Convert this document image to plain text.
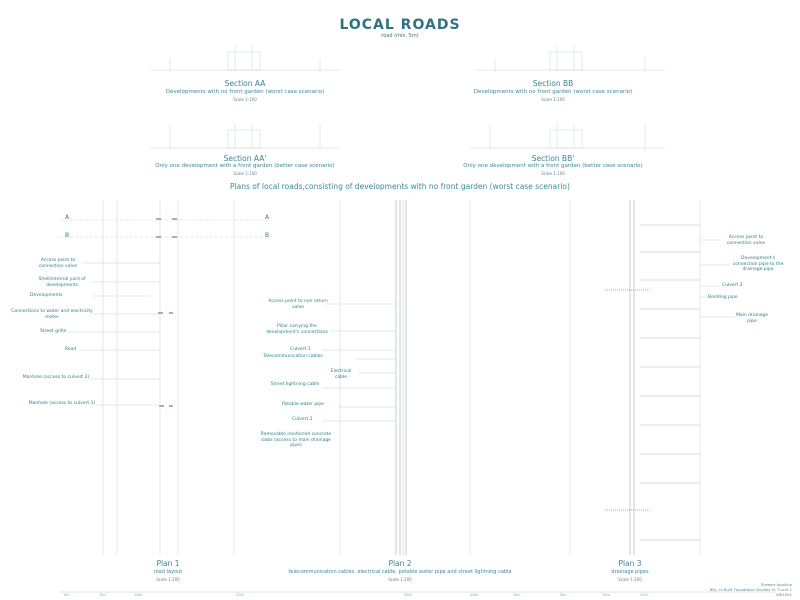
LOCAL ROADS
road (min. 5m)
Section AA
Developments with no front garden (worst case scenario)
Scale 1:100
Section BB
Developments with no front garden (worst case scenario)
Scale 1:100
Section AA'
Only one development with a front garden (better case scenario)
Scale 1:100
Section BB'
Only one development with a front garden (better case scenario)
Scale 1:100
Plans of local roads,consisting of developments with no front garden (worst case scenario)
A
B
A
B
Access point to connection valve
Shell/internal yard of developments
Developments
Connections to water and electricity meter
Street grille
Road
Manhole (access to culvert 2)
Manhole (access to culvert 1)
Access point to non return valve
Pillar carrying the development's connections
Culvert 1
Telecommunication cables
Electrical cable
Street lightning cable
Potable water pipe
Culvert 2
Removable reinforced concrete slabs (access to main drainage pipe)
Access point to connection valve
Development's connection pipe to the drainage pipe
Culvert 2
Bedding pipe
Main drainage pipe
Plan 1
road layout
Scale 1:200
Plan 2
telecommunication cables, electrical cable, potable water pipe and street lightning cable
Scale 1:200
Plan 3
drainage pipes
Scale 1:200
Stewart Aquilina
BSc. in Built Foundation Studies Yr. 3 unit 1
ARI1001
0m	5m	10m	20m	30m	40m	0m	5m	10m	20m
